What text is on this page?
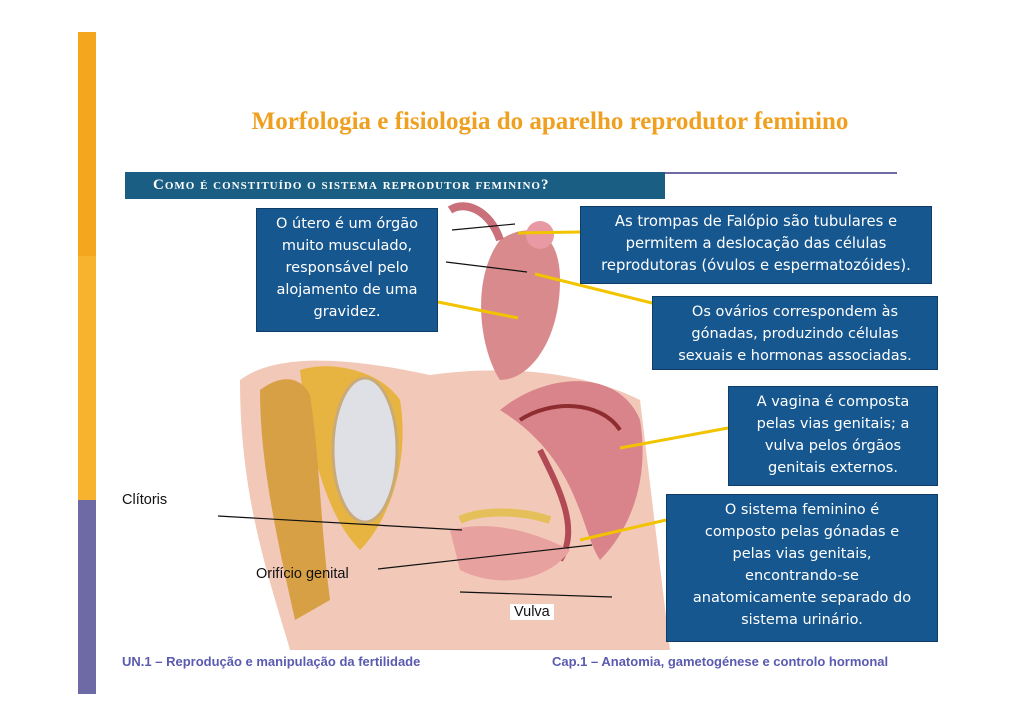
Morfologia e fisiologia do aparelho reprodutor feminino
Como é constituído o sistema reprodutor feminino?
O útero é um órgão
muito musculado,
responsável pelo
alojamento de uma
gravidez.
As trompas de Falópio são tubulares e
permitem a deslocação das células
reprodutoras (óvulos e espermatozóides).
Os ovários correspondem às
gónadas, produzindo células
sexuais e hormonas associadas.
A vagina é composta
pelas vias genitais; a
vulva pelos órgãos
genitais externos.
O sistema feminino é
composto pelas gónadas e
pelas vias genitais,
encontrando-se
anatomicamente separado do
sistema urinário.
Clítoris
Orifício genital
Vulva
UN.1 – Reprodução e manipulação da fertilidade	Cap.1 – Anatomia, gametogénese e controlo hormonal
